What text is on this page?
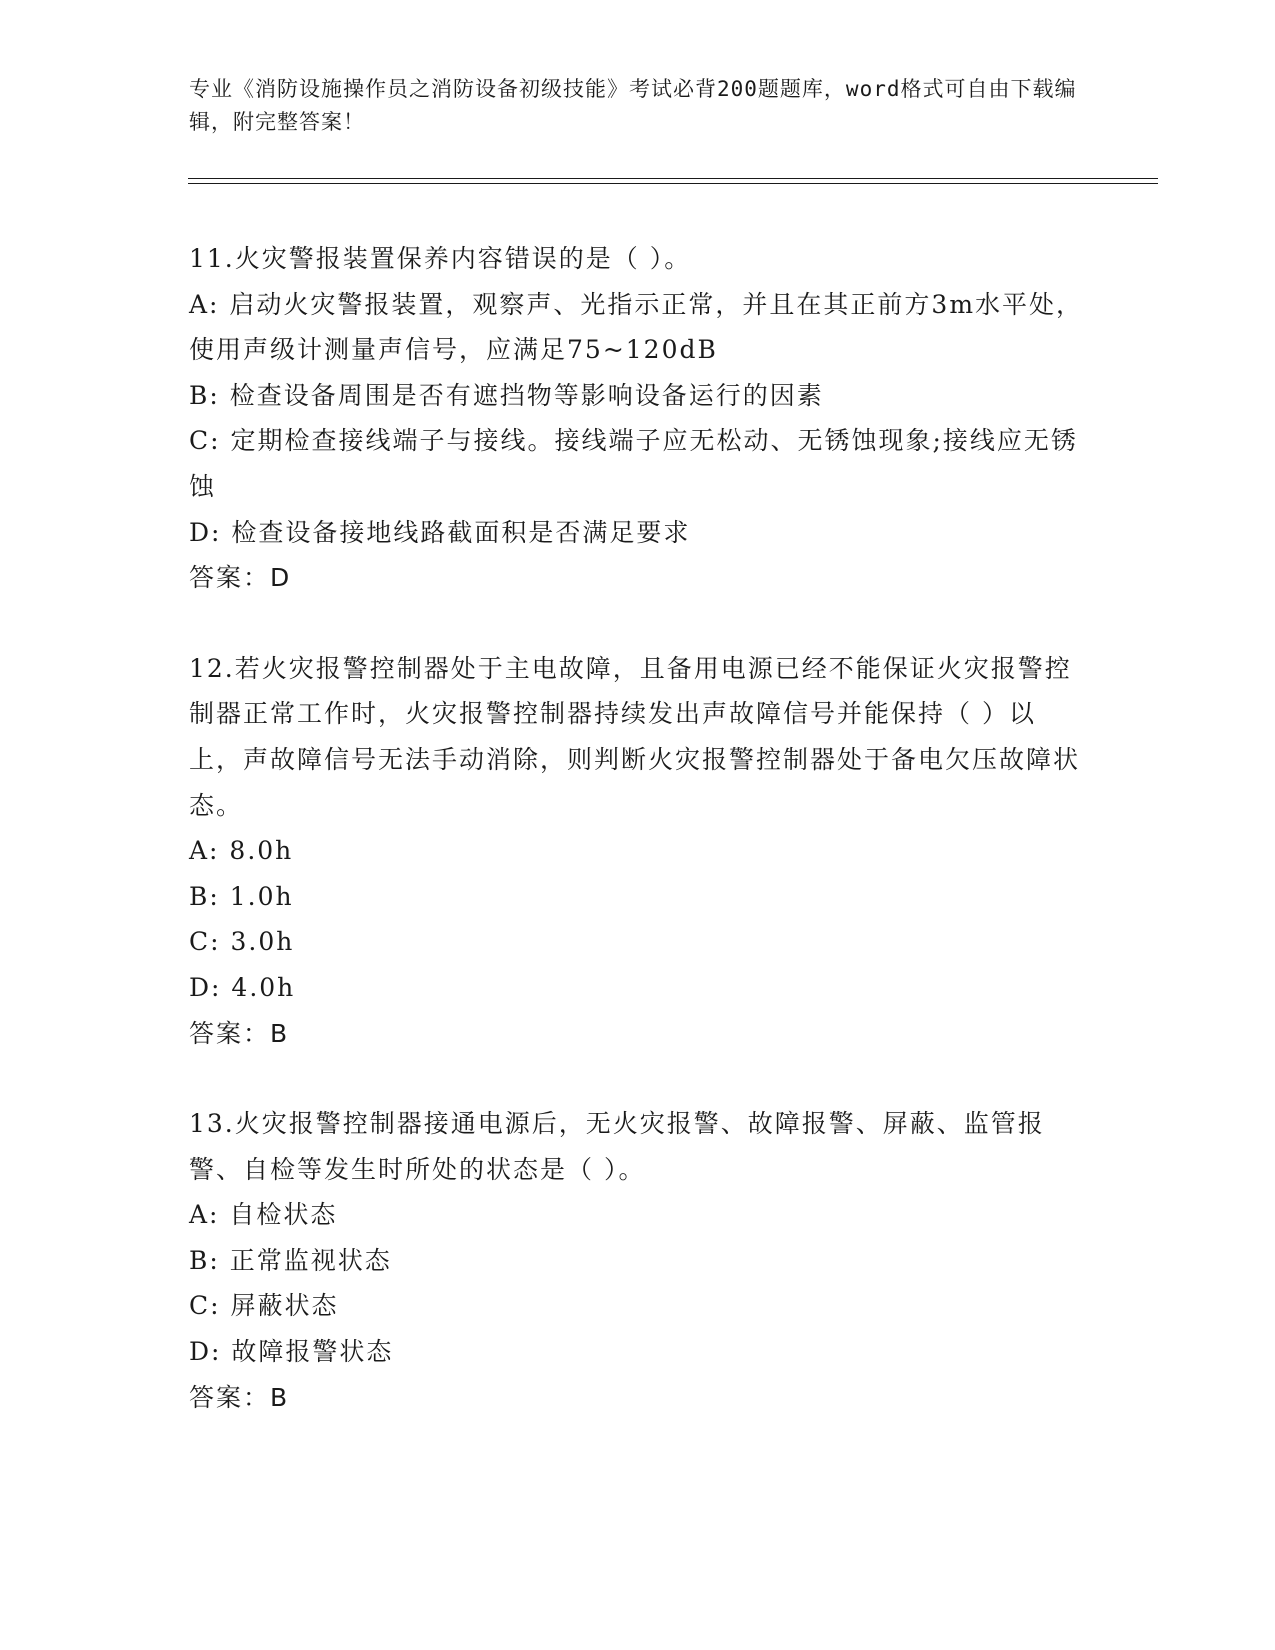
专业《消防设施操作员之消防设备初级技能》考试必背200题题库，word格式可自由下载编辑，附完整答案！
11.火灾警报装置保养内容错误的是（ ）。
A: 启动火灾警报装置，观察声、光指示正常，并且在其正前方3m水平处，使用声级计测量声信号，应满足75~120dB
B: 检查设备周围是否有遮挡物等影响设备运行的因素
C: 定期检查接线端子与接线。接线端子应无松动、无锈蚀现象;接线应无锈蚀
D: 检查设备接地线路截面积是否满足要求
答案：D
12.若火灾报警控制器处于主电故障，且备用电源已经不能保证火灾报警控制器正常工作时，火灾报警控制器持续发出声故障信号并能保持（ ）以上，声故障信号无法手动消除，则判断火灾报警控制器处于备电欠压故障状态。
A: 8.0h
B: 1.0h
C: 3.0h
D: 4.0h
答案：B
13.火灾报警控制器接通电源后，无火灾报警、故障报警、屏蔽、监管报警、自检等发生时所处的状态是（ ）。
A: 自检状态
B: 正常监视状态
C: 屏蔽状态
D: 故障报警状态
答案：B
